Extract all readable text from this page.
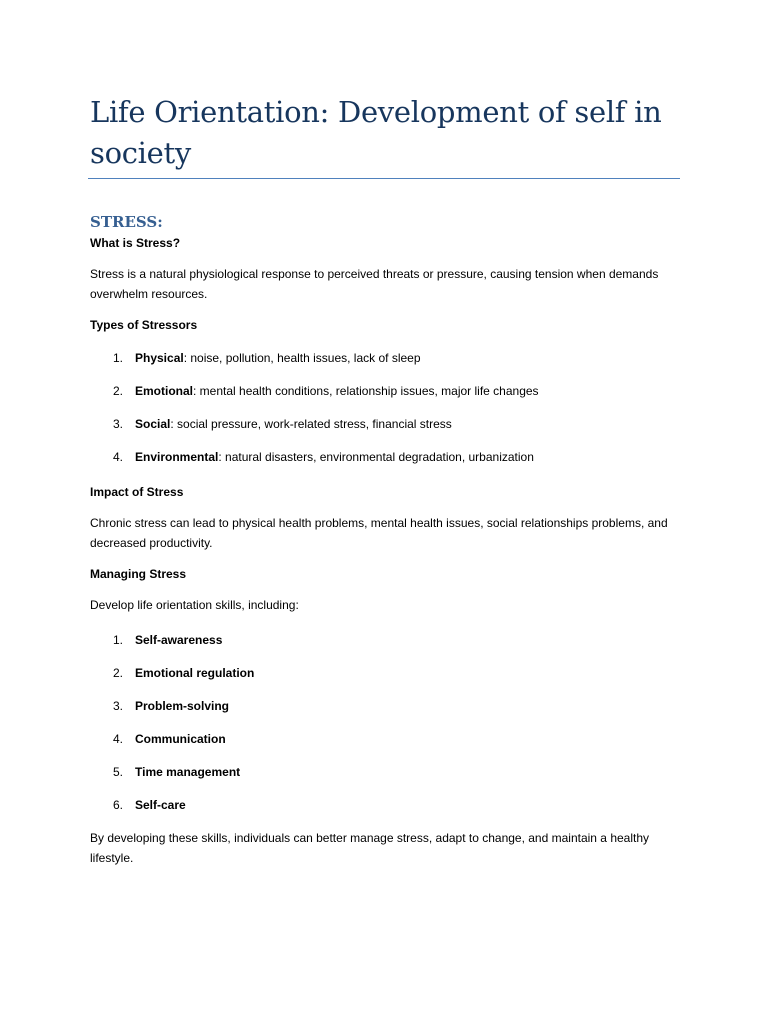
Life Orientation: Development of self in society
STRESS:
What is Stress?

Stress is a natural physiological response to perceived threats or pressure, causing tension when demands overwhelm resources.

Types of Stressors
1. Physical: noise, pollution, health issues, lack of sleep
2. Emotional: mental health conditions, relationship issues, major life changes
3. Social: social pressure, work-related stress, financial stress
4. Environmental: natural disasters, environmental degradation, urbanization
Impact of Stress

Chronic stress can lead to physical health problems, mental health issues, social relationships problems, and decreased productivity.

Managing Stress

Develop life orientation skills, including:

1. Self-awareness
2. Emotional regulation
3. Problem-solving
4. Communication
5. Time management
6. Self-care

By developing these skills, individuals can better manage stress, adapt to change, and maintain a healthy lifestyle.
